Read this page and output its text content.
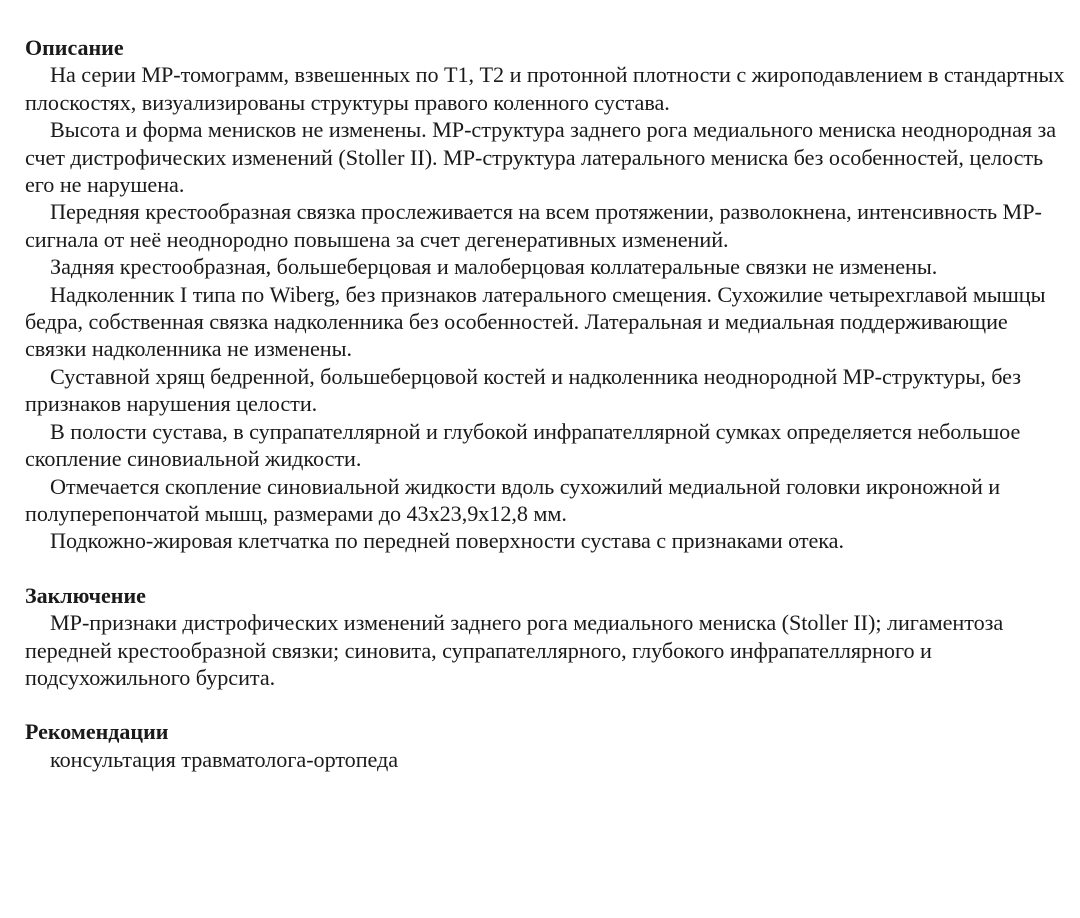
Описание

На серии МР-томограмм, взвешенных по Т1, Т2 и протонной плотности с жироподавлением в стандартных плоскостях, визуализированы структуры правого коленного сустава.

Высота и форма менисков не изменены. МР-структура заднего рога медиального мениска неоднородная за счет дистрофических изменений (Stoller II). МР-структура латерального мениска без особенностей, целость его не нарушена.

Передняя крестообразная связка прослеживается на всем протяжении, разволокнена, интенсивность МР-сигнала от неё неоднородно повышена за счет дегенеративных изменений.

Задняя крестообразная, большеберцовая и малоберцовая коллатеральные связки не изменены.

Надколенник I типа по Wiberg, без признаков латерального смещения. Сухожилие четырехглавой мышцы бедра, собственная связка надколенника без особенностей. Латеральная и медиальная поддерживающие связки надколенника не изменены.

Суставной хрящ бедренной, большеберцовой костей и надколенника неоднородной МР-структуры, без признаков нарушения целости.

В полости сустава, в супрапателлярной и глубокой инфрапателлярной сумках определяется небольшое скопление синовиальной жидкости.

Отмечается скопление синовиальной жидкости вдоль сухожилий медиальной головки икроножной и полуперепончатой мышц, размерами до 43x23,9x12,8 мм.

Подкожно-жировая клетчатка по передней поверхности сустава с признаками отека.

Заключение

МР-признаки дистрофических изменений заднего рога медиального мениска (Stoller II); лигаментоза передней крестообразной связки; синовита, супрапателлярного, глубокого инфрапателлярного и подсухожильного бурсита.

Рекомендации

консультация травматолога-ортопеда
